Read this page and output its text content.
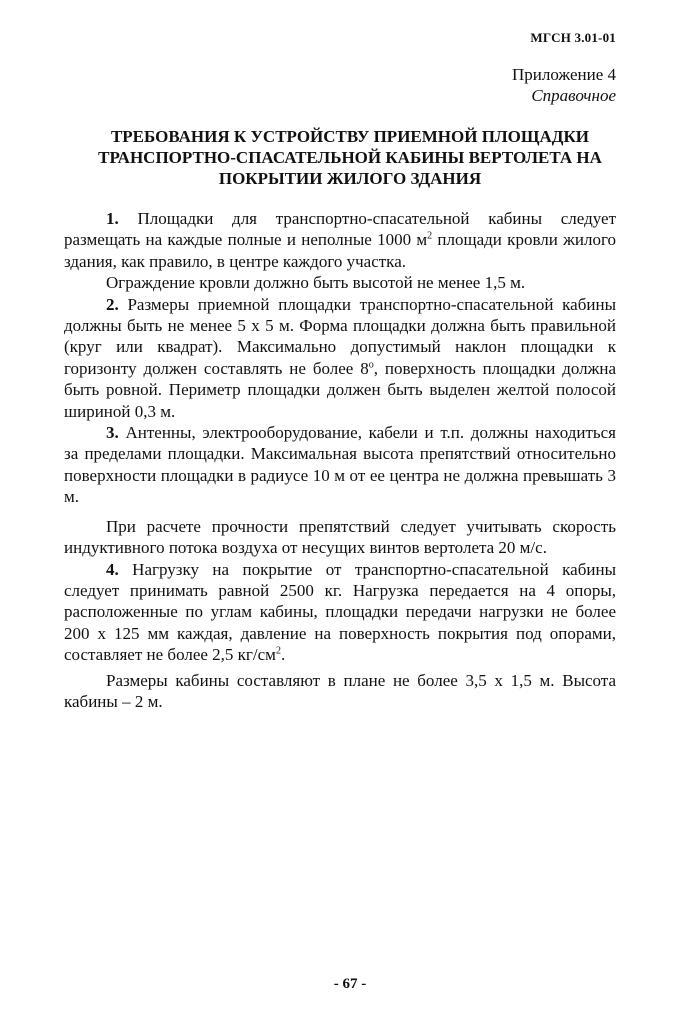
МГСН 3.01-01
Приложение 4
Справочное
ТРЕБОВАНИЯ К УСТРОЙСТВУ ПРИЕМНОЙ ПЛОЩАДКИ
ТРАНСПОРТНО-СПАСАТЕЛЬНОЙ КАБИНЫ ВЕРТОЛЕТА НА
ПОКРЫТИИ ЖИЛОГО ЗДАНИЯ

1. Площадки для транспортно-спасательной кабины следует размещать на каждые полные и неполные 1000 $м^2$ площади кровли жилого здания, как правило, в центре каждого участка.

Ограждение кровли должно быть высотой не менее 1,5 м.

2. Размеры приемной площадки транспортно-спасательной кабины должны быть не менее 5 х 5 м. Форма площадки должна быть правильной (круг или квадрат). Максимально допустимый наклон площадки к горизонту должен составлять не более $8^о$, поверхность площадки должна быть ровной. Периметр площадки должен быть выделен желтой полосой шириной 0,3 м.

3. Антенны, электрооборудование, кабели и т.п. должны находиться за пределами площадки. Максимальная высота препятствий относительно поверхности площадки в радиусе 10 м от ее центра не должна превышать 3 м.

При расчете прочности препятствий следует учитывать скорость индуктивного потока воздуха от несущих винтов вертолета 20 м/с.

4. Нагрузку на покрытие от транспортно-спасательной кабины следует принимать равной 2500 кг. Нагрузка передается на 4 опоры, расположенные по углам кабины, площадки передачи нагрузки не более 200 х 125 мм каждая, давление на поверхность покрытия под опорами, составляет не более 2,5 $кг/см^2$.

Размеры кабины составляют в плане не более 3,5 х 1,5 м. Высота кабины – 2 м.

- 67 -
